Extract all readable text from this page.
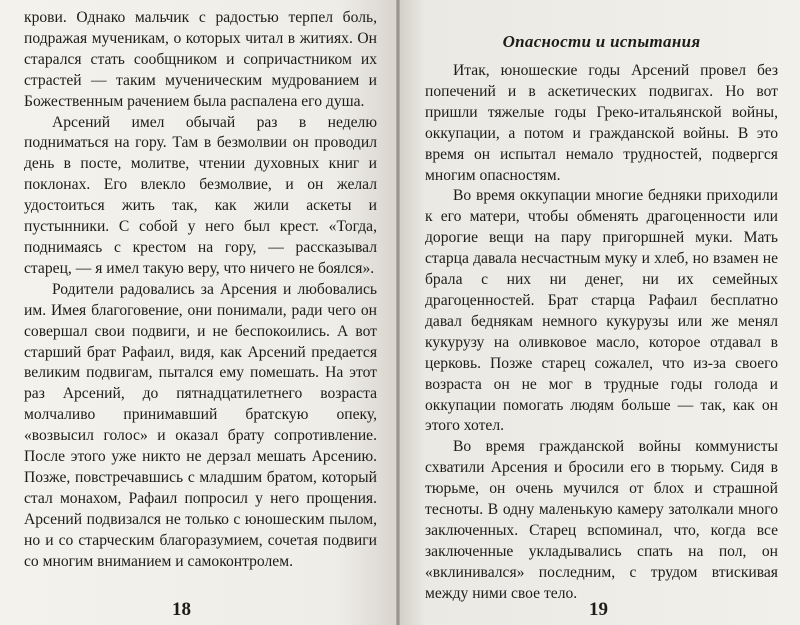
крови. Однако мальчик с радостью терпел боль, подражая мученикам, о которых читал в житиях. Он старался стать сообщником и сопричастником их страстей — таким мученическим мудрованием и Божественным рачением была распалена его душа.

Арсений имел обычай раз в неделю подниматься на гору. Там в безмолвии он проводил день в посте, молитве, чтении духовных книг и поклонах. Его влекло безмолвие, и он желал удостоиться жить так, как жили аскеты и пустынники. С собой у него был крест. «Тогда, поднимаясь с крестом на гору, — рассказывал старец, — я имел такую веру, что ничего не боялся».

Родители радовались за Арсения и любовались им. Имея благоговение, они понимали, ради чего он совершал свои подвиги, и не беспокоились. А вот старший брат Рафаил, видя, как Арсений предается великим подвигам, пытался ему помешать. На этот раз Арсений, до пятнадцатилетнего возраста молчаливо принимавший братскую опеку, «возвысил голос» и оказал брату сопротивление. После этого уже никто не дерзал мешать Арсению. Позже, повстречавшись с младшим братом, который стал монахом, Рафаил попросил у него прощения. Арсений подвизался не только с юношеским пылом, но и со старческим благоразумием, сочетая подвиги со многим вниманием и самоконтролем.

18
Опасности и испытания

Итак, юношеские годы Арсений провел без попечений и в аскетических подвигах. Но вот пришли тяжелые годы Греко-итальянской войны, оккупации, а потом и гражданской войны. В это время он испытал немало трудностей, подвергся многим опасностям.

Во время оккупации многие бедняки приходили к его матери, чтобы обменять драгоценности или дорогие вещи на пару пригоршней муки. Мать старца давала несчастным муку и хлеб, но взамен не брала с них ни денег, ни их семейных драгоценностей. Брат старца Рафаил бесплатно давал беднякам немного кукурузы или же менял кукурузу на оливковое масло, которое отдавал в церковь. Позже старец сожалел, что из-за своего возраста он не мог в трудные годы голода и оккупации помогать людям больше — так, как он этого хотел.

Во время гражданской войны коммунисты схватили Арсения и бросили его в тюрьму. Сидя в тюрьме, он очень мучился от блох и страшной тесноты. В одну маленькую камеру затолкали много заключенных. Старец вспоминал, что, когда все заключенные укладывались спать на пол, он «вклинивался» последним, с трудом втискивая между ними свое тело.

19
